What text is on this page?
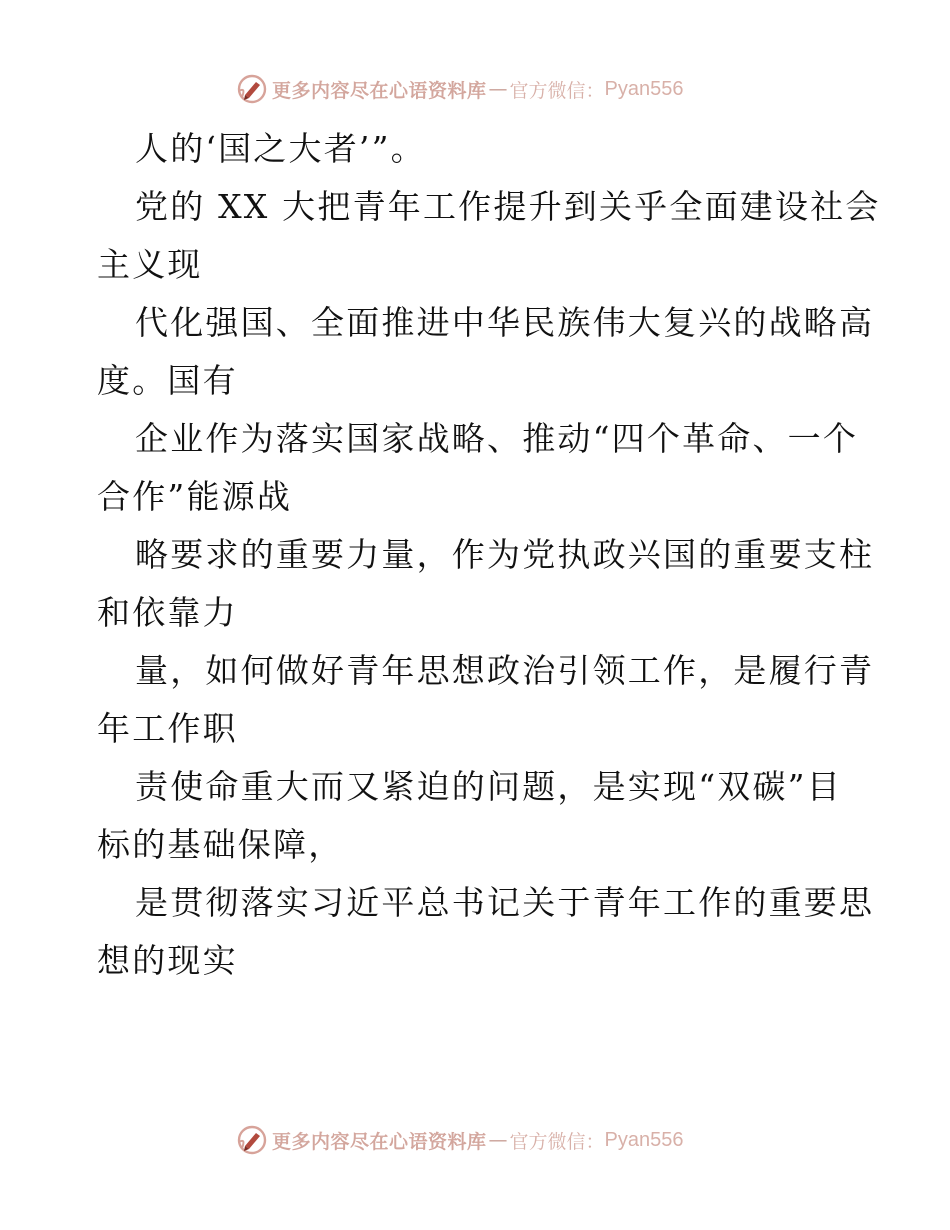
更多内容尽在心语资料库 — 官方微信： Pyan556
人的‘国之大者’”。
党的 XX 大把青年工作提升到关乎全面建设社会
主义现
代化强国、全面推进中华民族伟大复兴的战略高
度。国有
企业作为落实国家战略、推动“四个革命、一个
合作”能源战
略要求的重要力量，作为党执政兴国的重要支柱
和依靠力
量，如何做好青年思想政治引领工作，是履行青
年工作职
责使命重大而又紧迫的问题，是实现“双碳”目
标的基础保障，
是贯彻落实习近平总书记关于青年工作的重要思
想的现实
更多内容尽在心语资料库 — 官方微信： Pyan556
